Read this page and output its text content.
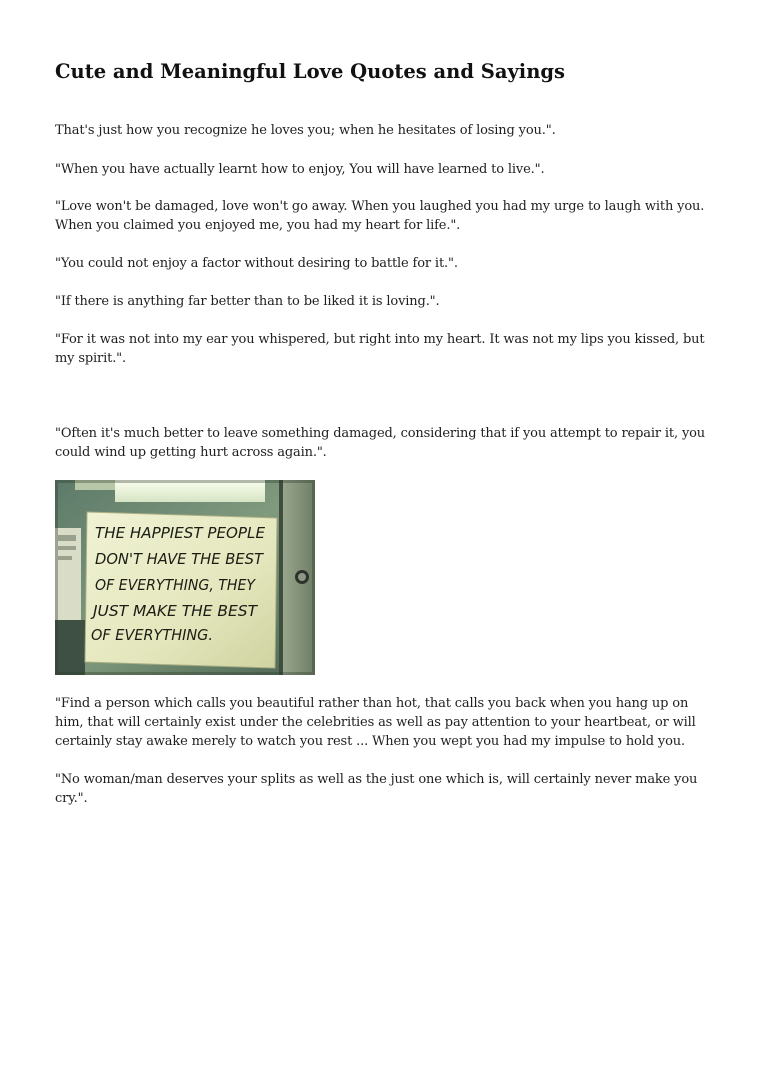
Cute and Meaningful Love Quotes and Sayings

That's just how you recognize he loves you; when he hesitates of losing you.".

"When you have actually learnt how to enjoy, You will have learned to live.".

"Love won't be damaged, love won't go away. When you laughed you had my urge to laugh with you. When you claimed you enjoyed me, you had my heart for life.".

"You could not enjoy a factor without desiring to battle for it.".

"If there is anything far better than to be liked it is loving.".

"For it was not into my ear you whispered, but right into my heart. It was not my lips you kissed, but my spirit.".

"Often it's much better to leave something damaged, considering that if you attempt to repair it, you could wind up getting hurt across again.".

THE HAPPIEST PEOPLE
DON'T HAVE THE BEST
OF EVERYTHING, THEY
JUST MAKE THE BEST
OF EVERYTHING.

"Find a person which calls you beautiful rather than hot, that calls you back when you hang up on him, that will certainly exist under the celebrities as well as pay attention to your heartbeat, or will certainly stay awake merely to watch you rest ... When you wept you had my impulse to hold you.

"No woman/man deserves your splits as well as the just one which is, will certainly never make you cry.".
